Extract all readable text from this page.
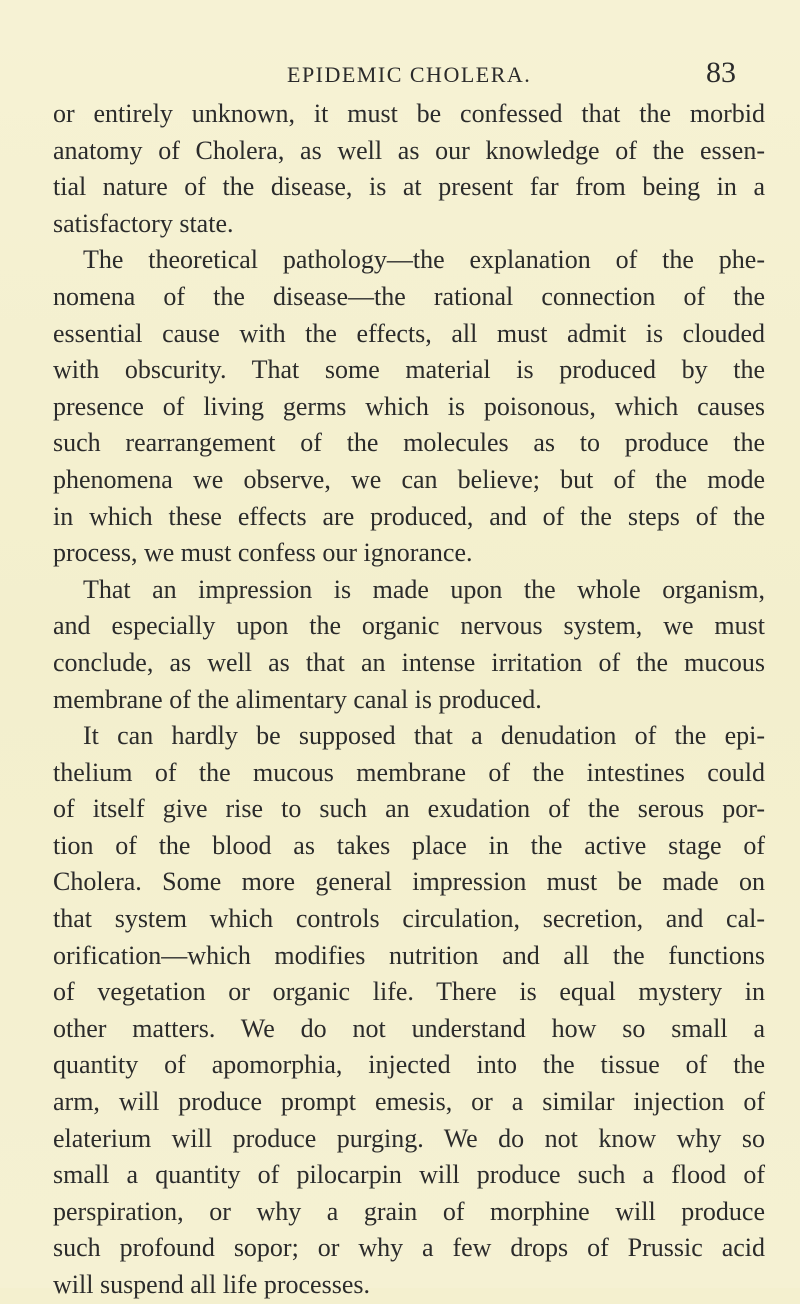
EPIDEMIC CHOLERA.	83
or entirely unknown, it must be confessed that the morbid
anatomy of Cholera, as well as our knowledge of the essen-
tial nature of the disease, is at present far from being in a
satisfactory state.
The theoretical pathology—the explanation of the phe-
nomena of the disease—the rational connection of the
essential cause with the effects, all must admit is clouded
with obscurity. That some material is produced by the
presence of living germs which is poisonous, which causes
such rearrangement of the molecules as to produce the
phenomena we observe, we can believe; but of the mode
in which these effects are produced, and of the steps of the
process, we must confess our ignorance.
That an impression is made upon the whole organism,
and especially upon the organic nervous system, we must
conclude, as well as that an intense irritation of the mucous
membrane of the alimentary canal is produced.
It can hardly be supposed that a denudation of the epi-
thelium of the mucous membrane of the intestines could
of itself give rise to such an exudation of the serous por-
tion of the blood as takes place in the active stage of
Cholera. Some more general impression must be made on
that system which controls circulation, secretion, and cal-
orification—which modifies nutrition and all the functions
of vegetation or organic life. There is equal mystery in
other matters. We do not understand how so small a
quantity of apomorphia, injected into the tissue of the
arm, will produce prompt emesis, or a similar injection of
elaterium will produce purging. We do not know why so
small a quantity of pilocarpin will produce such a flood of
perspiration, or why a grain of morphine will produce
such profound sopor; or why a few drops of Prussic acid
will suspend all life processes.
